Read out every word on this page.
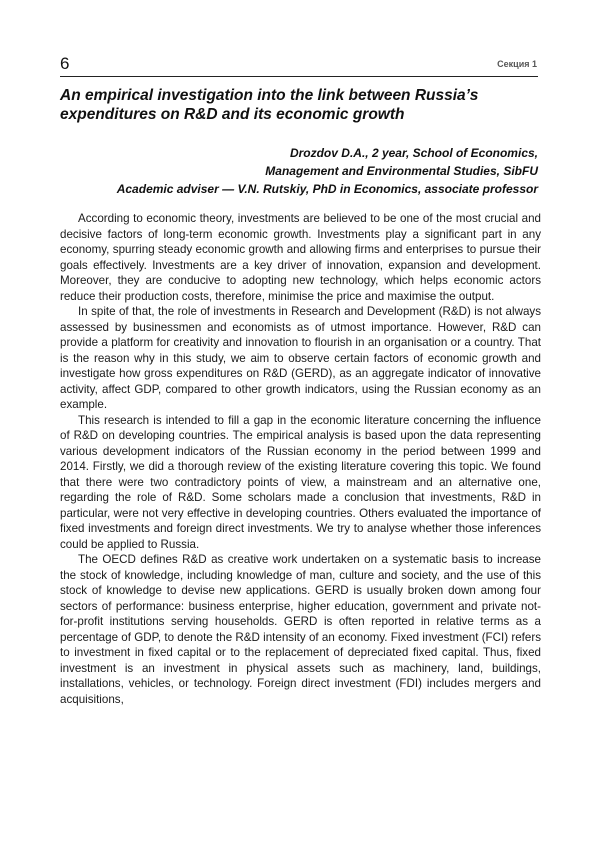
6	Секция 1
An empirical investigation into the link between Russia’s expenditures on R&D and its economic growth
Drozdov D.A., 2 year, School of Economics,
Management and Environmental Studies, SibFU
Academic adviser — V.N. Rutskiy, PhD in Economics, associate professor

According to economic theory, investments are believed to be one of the most crucial and decisive factors of long-term economic growth. Investments play a significant part in any economy, spurring steady economic growth and allowing firms and enterprises to pursue their goals effectively. Investments are a key driver of innovation, expansion and development. Moreover, they are conducive to adopting new technology, which helps economic actors reduce their production costs, therefore, minimise the price and maximise the output.

In spite of that, the role of investments in Research and Development (R&D) is not always assessed by businessmen and economists as of utmost importance. However, R&D can provide a platform for creativity and innovation to flourish in an organisation or a country. That is the reason why in this study, we aim to observe certain factors of economic growth and investigate how gross expenditures on R&D (GERD), as an aggregate indicator of innovative activity, affect GDP, compared to other growth indicators, using the Russian economy as an example.

This research is intended to fill a gap in the economic literature concerning the influence of R&D on developing countries. The empirical analysis is based upon the data representing various development indicators of the Russian economy in the period between 1999 and 2014. Firstly, we did a thorough review of the existing literature covering this topic. We found that there were two contradictory points of view, a mainstream and an alternative one, regarding the role of R&D. Some scholars made a conclusion that investments, R&D in particular, were not very effective in developing countries. Others evaluated the importance of fixed investments and foreign direct investments. We try to analyse whether those inferences could be applied to Russia.

The OECD defines R&D as creative work undertaken on a systematic basis to increase the stock of knowledge, including knowledge of man, culture and society, and the use of this stock of knowledge to devise new applications. GERD is usually broken down among four sectors of performance: business enterprise, higher education, government and private not-for-profit institutions serving households. GERD is often reported in relative terms as a percentage of GDP, to denote the R&D intensity of an economy. Fixed investment (FCI) refers to investment in fixed capital or to the replacement of depreciated fixed capital. Thus, fixed investment is an investment in physical assets such as machinery, land, buildings, installations, vehicles, or technology. Foreign direct investment (FDI) includes mergers and acquisitions,
